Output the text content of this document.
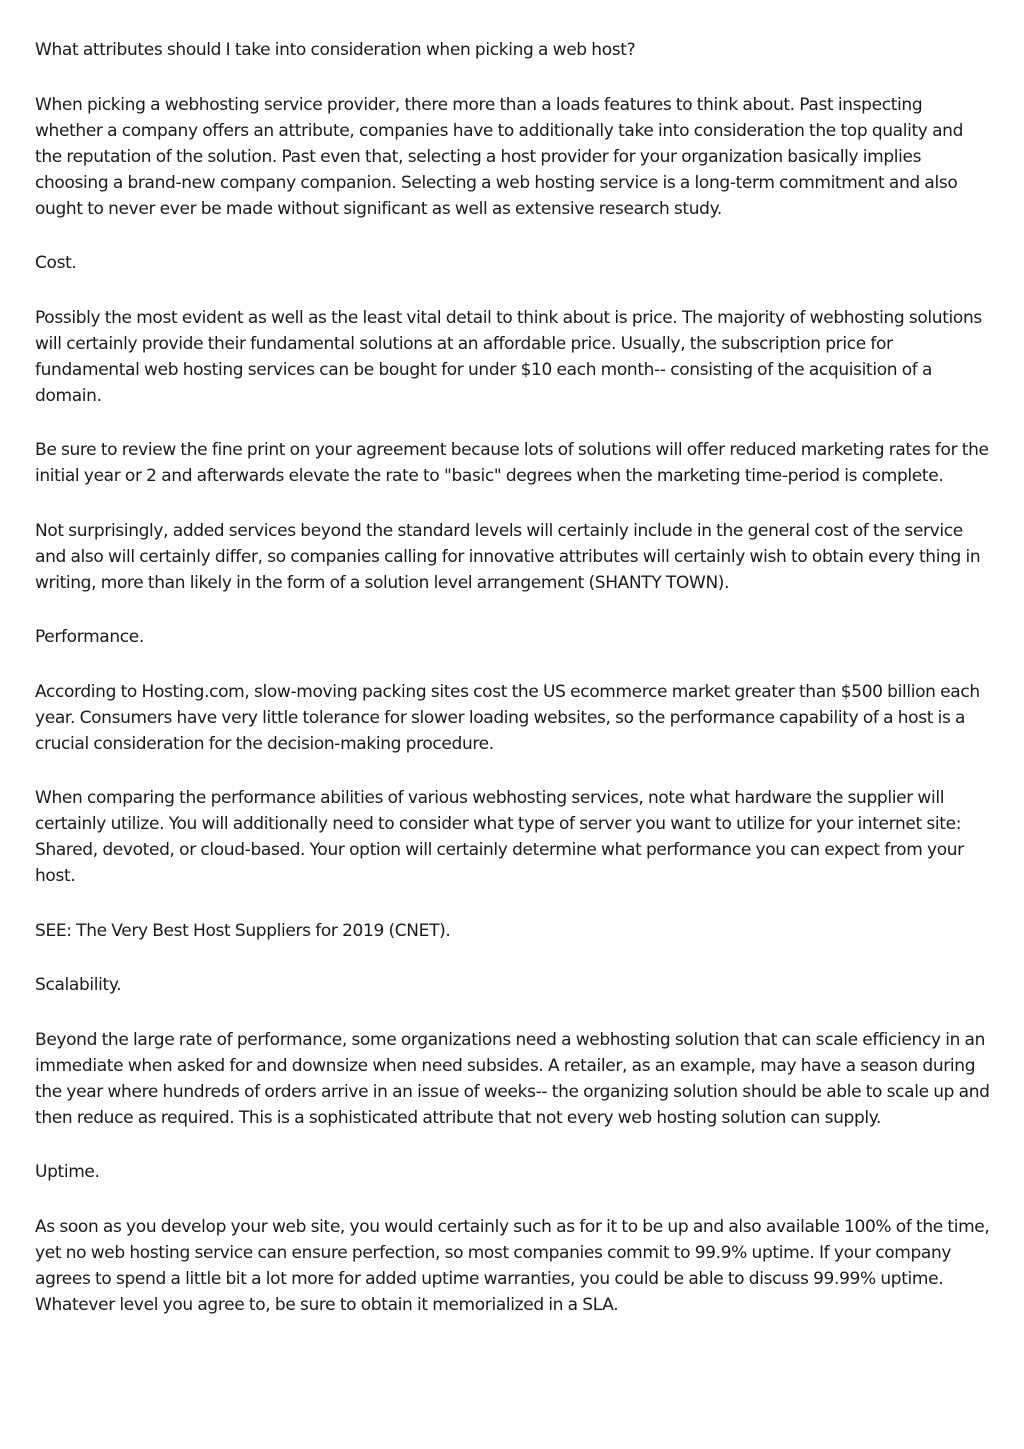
What attributes should I take into consideration when picking a web host?

When picking a webhosting service provider, there more than a loads features to think about. Past inspecting whether a company offers an attribute, companies have to additionally take into consideration the top quality and the reputation of the solution. Past even that, selecting a host provider for your organization basically implies choosing a brand-new company companion. Selecting a web hosting service is a long-term commitment and also ought to never ever be made without significant as well as extensive research study.

Cost.

Possibly the most evident as well as the least vital detail to think about is price. The majority of webhosting solutions will certainly provide their fundamental solutions at an affordable price. Usually, the subscription price for fundamental web hosting services can be bought for under $10 each month-- consisting of the acquisition of a domain.

Be sure to review the fine print on your agreement because lots of solutions will offer reduced marketing rates for the initial year or 2 and afterwards elevate the rate to "basic" degrees when the marketing time-period is complete.

Not surprisingly, added services beyond the standard levels will certainly include in the general cost of the service and also will certainly differ, so companies calling for innovative attributes will certainly wish to obtain every thing in writing, more than likely in the form of a solution level arrangement (SHANTY TOWN).

Performance.

According to Hosting.com, slow-moving packing sites cost the US ecommerce market greater than $500 billion each year. Consumers have very little tolerance for slower loading websites, so the performance capability of a host is a crucial consideration for the decision-making procedure.

When comparing the performance abilities of various webhosting services, note what hardware the supplier will certainly utilize. You will additionally need to consider what type of server you want to utilize for your internet site: Shared, devoted, or cloud-based. Your option will certainly determine what performance you can expect from your host.

SEE: The Very Best Host Suppliers for 2019 (CNET).

Scalability.

Beyond the large rate of performance, some organizations need a webhosting solution that can scale efficiency in an immediate when asked for and downsize when need subsides. A retailer, as an example, may have a season during the year where hundreds of orders arrive in an issue of weeks-- the organizing solution should be able to scale up and then reduce as required. This is a sophisticated attribute that not every web hosting solution can supply.

Uptime.

As soon as you develop your web site, you would certainly such as for it to be up and also available 100% of the time, yet no web hosting service can ensure perfection, so most companies commit to 99.9% uptime. If your company agrees to spend a little bit a lot more for added uptime warranties, you could be able to discuss 99.99% uptime. Whatever level you agree to, be sure to obtain it memorialized in a SLA.
